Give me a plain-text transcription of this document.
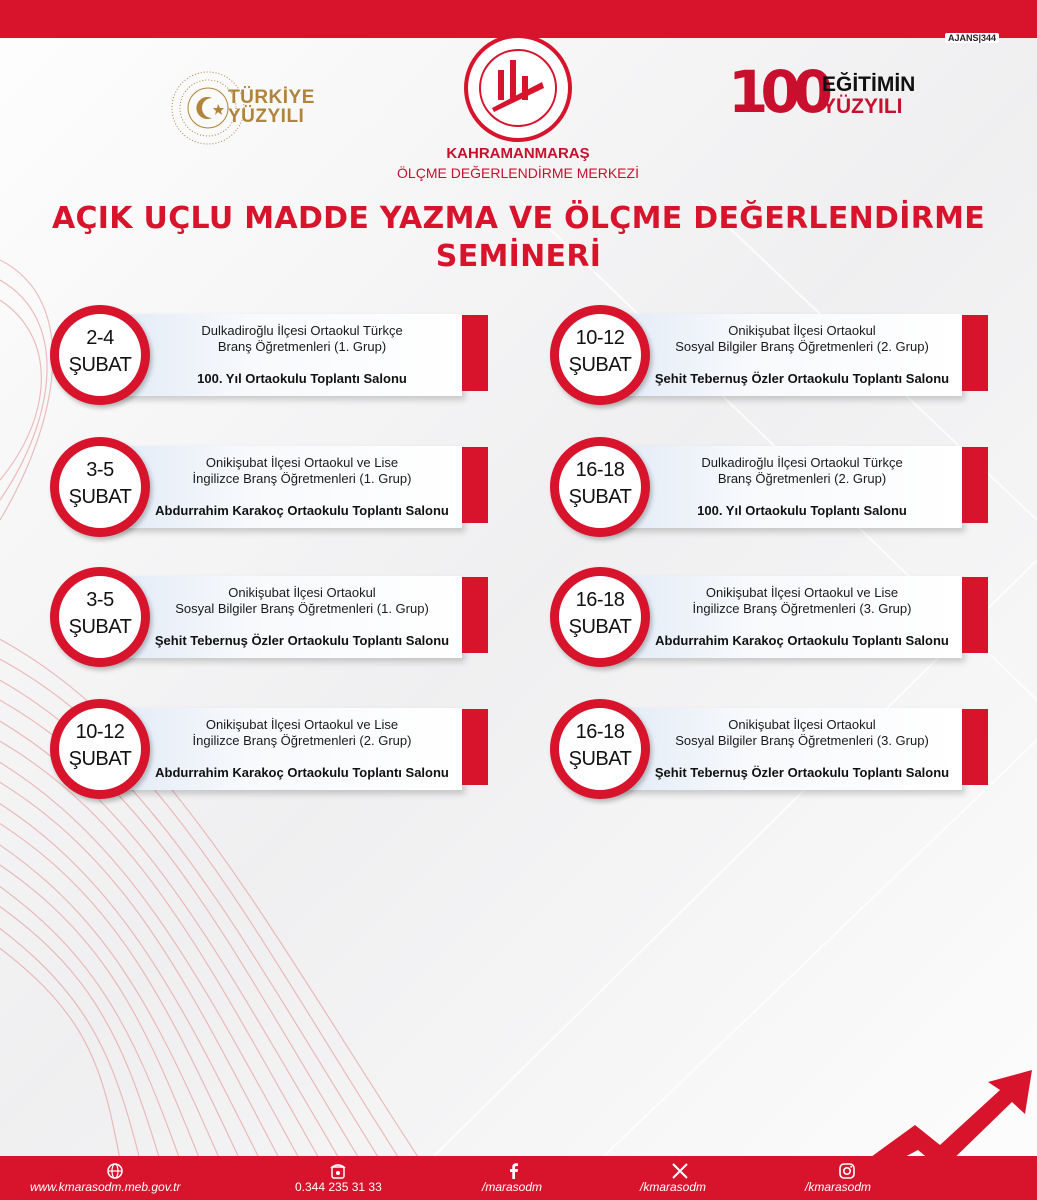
TÜRKİYE
YÜZYILI
AJANS|344
KAHRAMANMARAŞ
ÖLÇME DEĞERLENDİRME MERKEZİ
100
EĞİTİMİN
YÜZYILI
AÇIK UÇLU MADDE YAZMA VE ÖLÇME DEĞERLENDİRME
SEMİNERİ
2-4
ŞUBAT
Dulkadiroğlu İlçesi Ortaokul Türkçe
Branş Öğretmenleri (1. Grup)
100. Yıl Ortaokulu Toplantı Salonu
10-12
ŞUBAT
Onikişubat İlçesi Ortaokul
Sosyal Bilgiler Branş Öğretmenleri (2. Grup)
Şehit Tebernuş Özler Ortaokulu Toplantı Salonu
3-5
ŞUBAT
Onikişubat İlçesi Ortaokul ve Lise
İngilizce Branş Öğretmenleri (1. Grup)
Abdurrahim Karakoç Ortaokulu Toplantı Salonu
16-18
ŞUBAT
Dulkadiroğlu İlçesi Ortaokul Türkçe
Branş Öğretmenleri (2. Grup)
100. Yıl Ortaokulu Toplantı Salonu
3-5
ŞUBAT
Onikişubat İlçesi Ortaokul
Sosyal Bilgiler Branş Öğretmenleri (1. Grup)
Şehit Tebernuş Özler Ortaokulu Toplantı Salonu
16-18
ŞUBAT
Onikişubat İlçesi Ortaokul ve Lise
İngilizce Branş Öğretmenleri (3. Grup)
Abdurrahim Karakoç Ortaokulu Toplantı Salonu
10-12
ŞUBAT
Onikişubat İlçesi Ortaokul ve Lise
İngilizce Branş Öğretmenleri (2. Grup)
Abdurrahim Karakoç Ortaokulu Toplantı Salonu
16-18
ŞUBAT
Onikişubat İlçesi Ortaokul
Sosyal Bilgiler Branş Öğretmenleri (3. Grup)
Şehit Tebernuş Özler Ortaokulu Toplantı Salonu
www.kmarasodm.meb.gov.tr	0.344 235 31 33	/marasodm	/kmarasodm	/kmarasodm
